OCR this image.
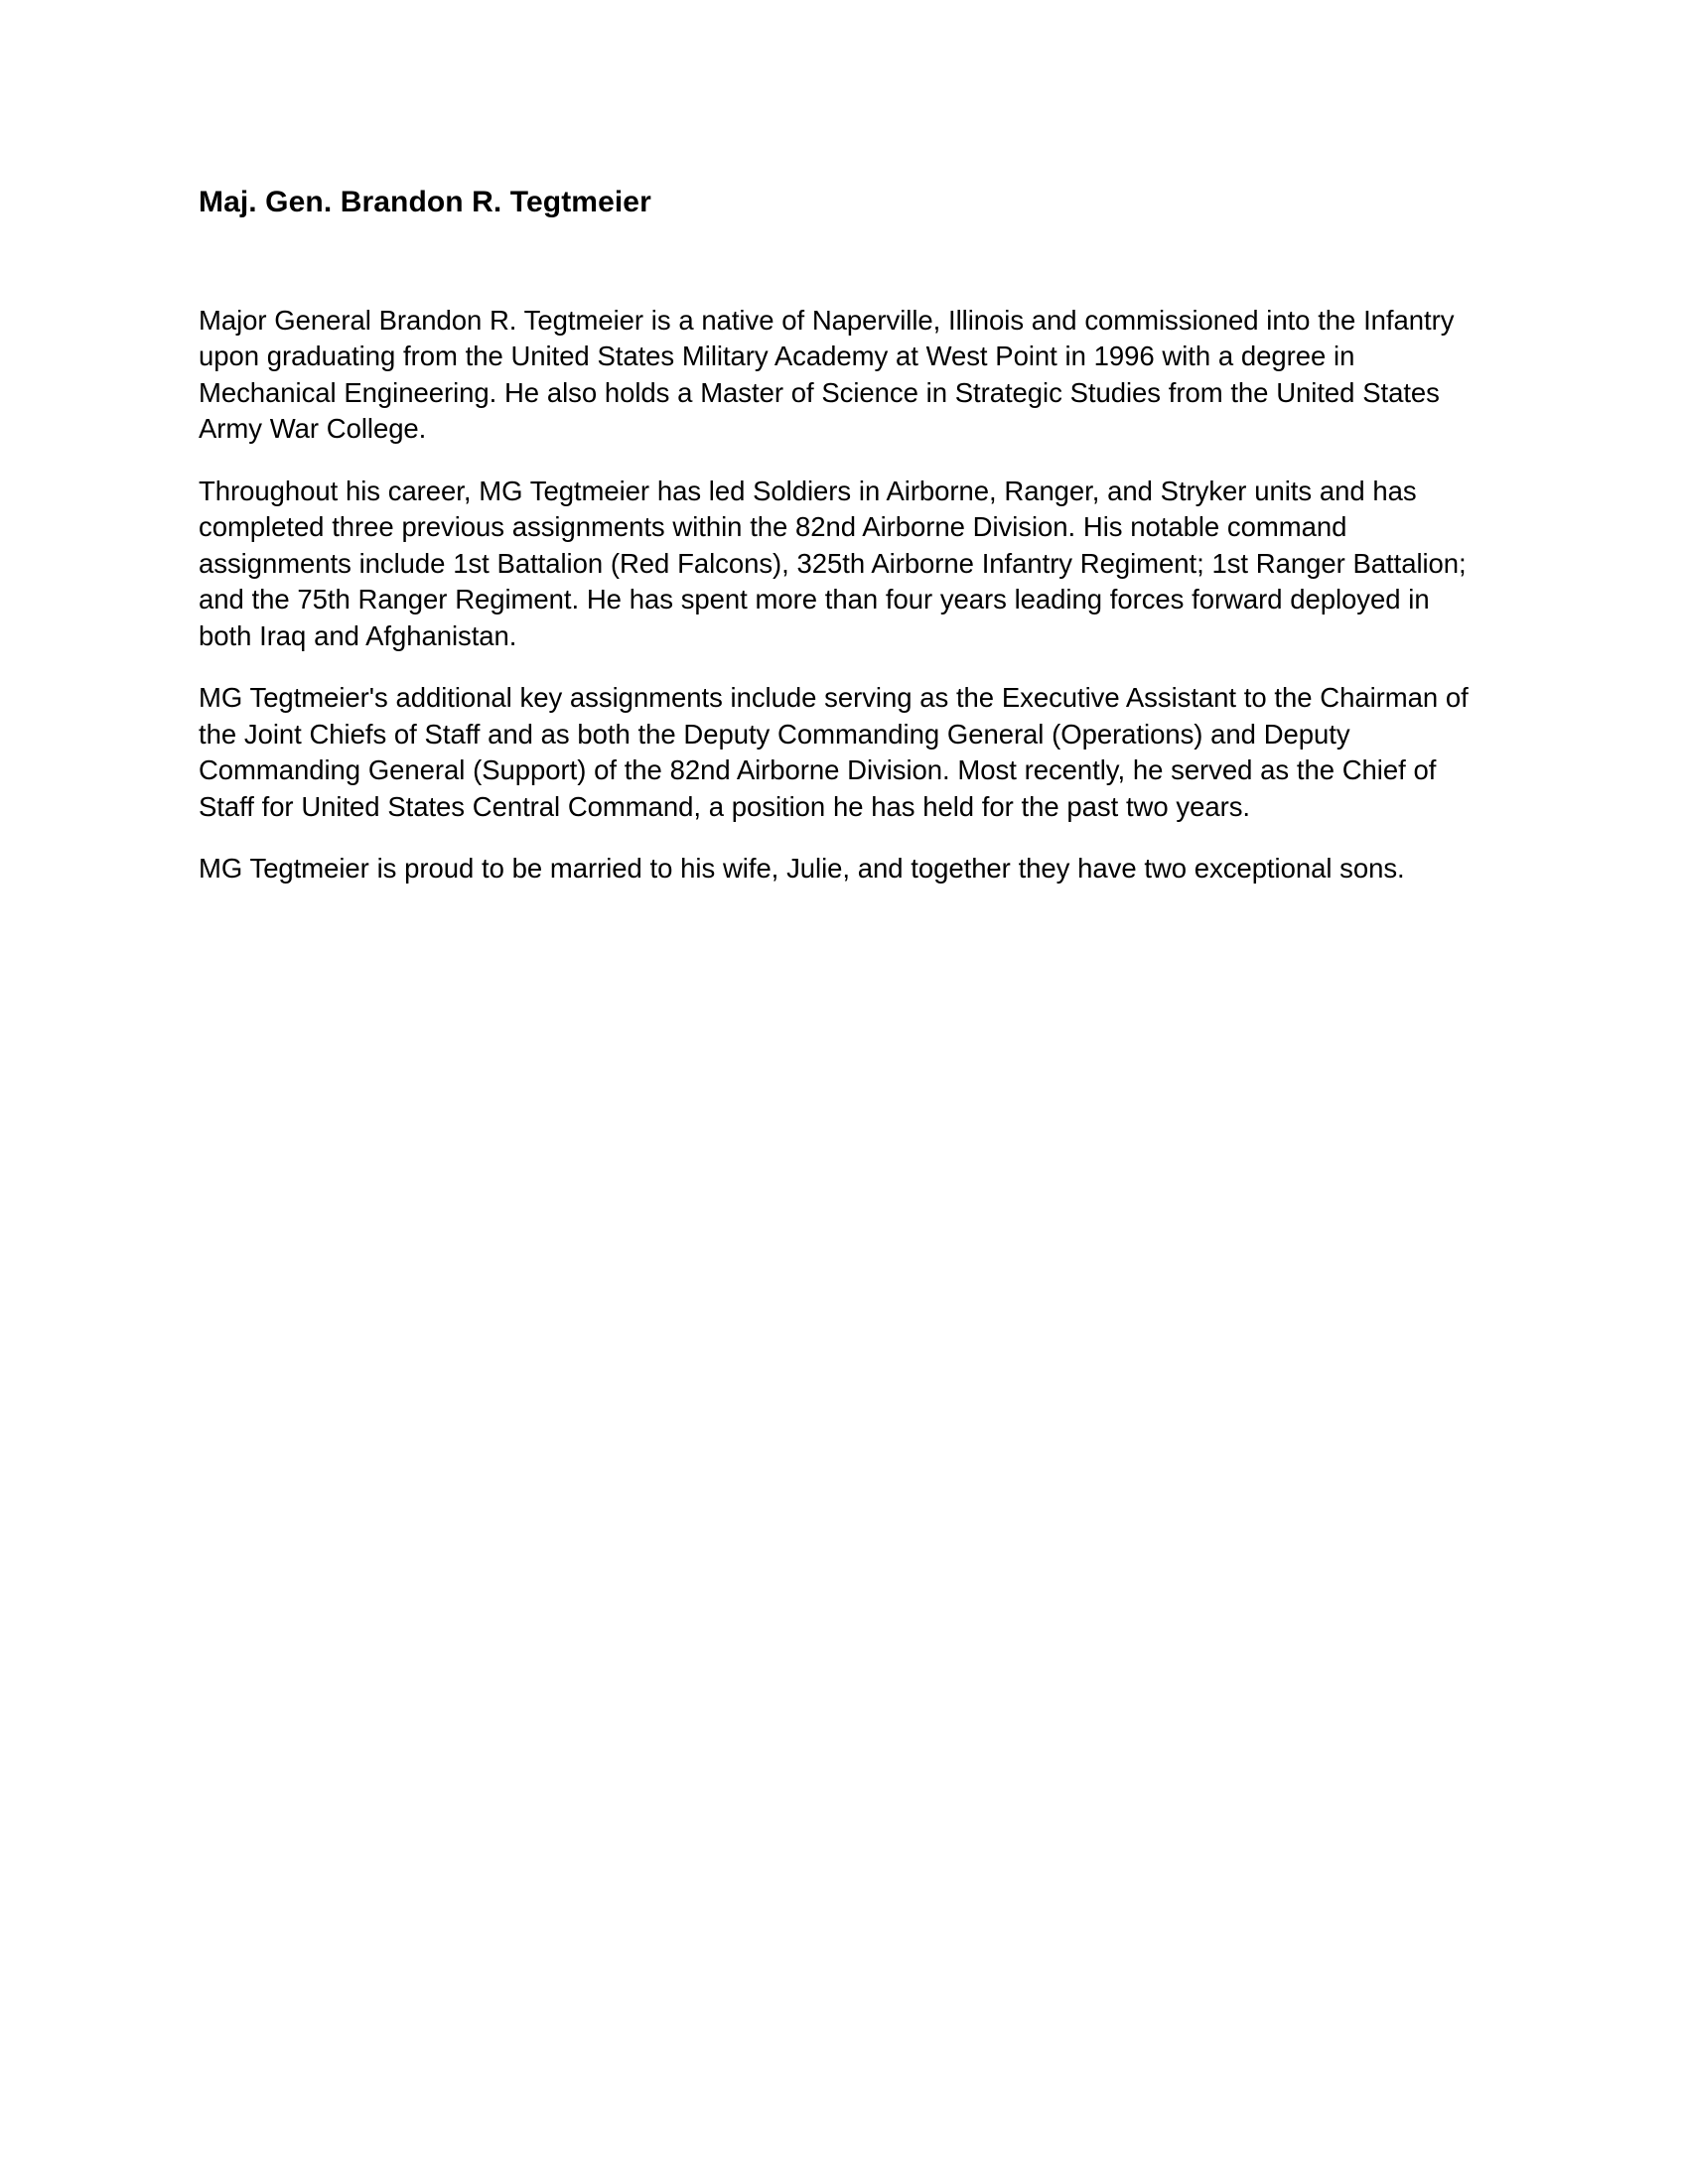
Maj. Gen. Brandon R. Tegtmeier

Major General Brandon R. Tegtmeier is a native of Naperville, Illinois and commissioned into the Infantry upon graduating from the United States Military Academy at West Point in 1996 with a degree in Mechanical Engineering. He also holds a Master of Science in Strategic Studies from the United States Army War College.

Throughout his career, MG Tegtmeier has led Soldiers in Airborne, Ranger, and Stryker units and has completed three previous assignments within the 82nd Airborne Division. His notable command assignments include 1st Battalion (Red Falcons), 325th Airborne Infantry Regiment; 1st Ranger Battalion; and the 75th Ranger Regiment. He has spent more than four years leading forces forward deployed in both Iraq and Afghanistan.

MG Tegtmeier's additional key assignments include serving as the Executive Assistant to the Chairman of the Joint Chiefs of Staff and as both the Deputy Commanding General (Operations) and Deputy Commanding General (Support) of the 82nd Airborne Division. Most recently, he served as the Chief of Staff for United States Central Command, a position he has held for the past two years.

MG Tegtmeier is proud to be married to his wife, Julie, and together they have two exceptional sons.
